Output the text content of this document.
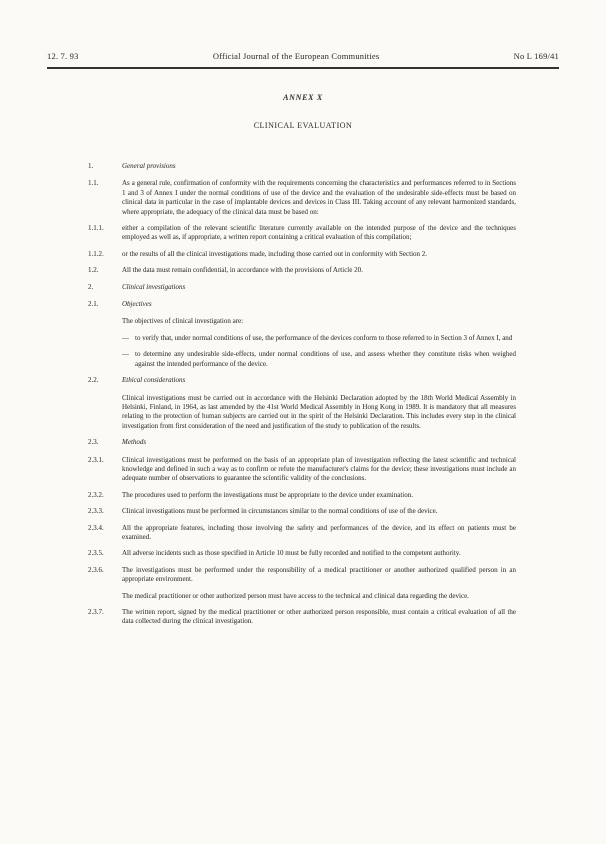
12. 7. 93	Official Journal of the European Communities	No L 169/41
ANNEX X
CLINICAL EVALUATION
1.	General provisions
1.1.	As a general rule, confirmation of conformity with the requirements concerning the characteristics and performances referred to in Sections 1 and 3 of Annex I under the normal conditions of use of the device and the evaluation of the undesirable side-effects must be based on clinical data in particular in the case of implantable devices and devices in Class III. Taking account of any relevant harmonized standards, where appropriate, the adequacy of the clinical data must be based on:
1.1.1.	either a compilation of the relevant scientific literature currently available on the intended purpose of the device and the techniques employed as well as, if appropriate, a written report containing a critical evaluation of this compilation;
1.1.2.	or the results of all the clinical investigations made, including those carried out in conformity with Section 2.
1.2.	All the data must remain confidential, in accordance with the provisions of Article 20.
2.	Clinical investigations
2.1.	Objectives
The objectives of clinical investigation are:
— to verify that, under normal conditions of use, the performance of the devices conform to those referred to in Section 3 of Annex I, and
— to determine any undesirable side-effects, under normal conditions of use, and assess whether they constitute risks when weighed against the intended performance of the device.
2.2.	Ethical considerations
Clinical investigations must be carried out in accordance with the Helsinki Declaration adopted by the 18th World Medical Assembly in Helsinki, Finland, in 1964, as last amended by the 41st World Medical Assembly in Hong Kong in 1989. It is mandatory that all measures relating to the protection of human subjects are carried out in the spirit of the Helsinki Declaration. This includes every step in the clinical investigation from first consideration of the need and justification of the study to publication of the results.
2.3.	Methods
2.3.1.	Clinical investigations must be performed on the basis of an appropriate plan of investigation reflecting the latest scientific and technical knowledge and defined in such a way as to confirm or refute the manufacturer's claims for the device; these investigations must include an adequate number of observations to guarantee the scientific validity of the conclusions.
2.3.2.	The procedures used to perform the investigations must be appropriate to the device under examination.
2.3.3.	Clinical investigations must be performed in circumstances similar to the normal conditions of use of the device.
2.3.4.	All the appropriate features, including those involving the safety and performances of the device, and its effect on patients must be examined.
2.3.5.	All adverse incidents such as those specified in Article 10 must be fully recorded and notified to the competent authority.
2.3.6.	The investigations must be performed under the responsibility of a medical practitioner or another authorized qualified person in an appropriate environment.
The medical practitioner or other authorized person must have access to the technical and clinical data regarding the device.
2.3.7.	The written report, signed by the medical practitioner or other authorized person responsible, must contain a critical evaluation of all the data collected during the clinical investigation.
